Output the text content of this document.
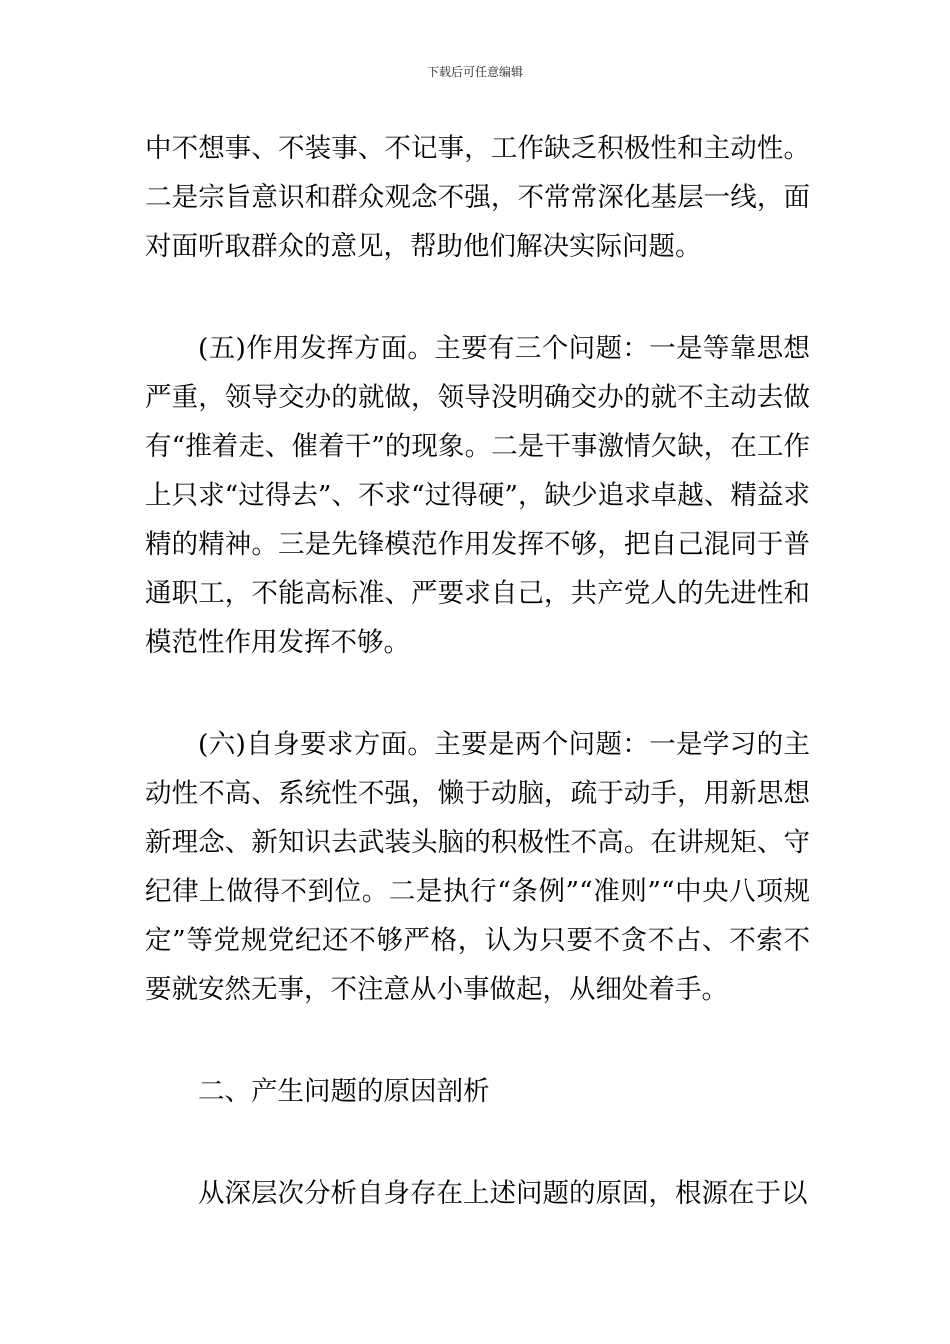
下载后可任意编辑

中不想事、不装事、不记事，工作缺乏积极性和主动性。二是宗旨意识和群众观念不强，不常常深化基层一线，面对面听取群众的意见，帮助他们解决实际问题。

(五)作用发挥方面。主要有三个问题：一是等靠思想严重，领导交办的就做，领导没明确交办的就不主动去做有“推着走、催着干”的现象。二是干事激情欠缺，在工作上只求“过得去”、不求“过得硬”，缺少追求卓越、精益求精的精神。三是先锋模范作用发挥不够，把自己混同于普通职工，不能高标准、严要求自己，共产党人的先进性和模范性作用发挥不够。

(六)自身要求方面。主要是两个问题：一是学习的主动性不高、系统性不强，懒于动脑，疏于动手，用新思想新理念、新知识去武装头脑的积极性不高。在讲规矩、守纪律上做得不到位。二是执行“条例”“准则”“中央八项规定”等党规党纪还不够严格，认为只要不贪不占、不索不要就安然无事，不注意从小事做起，从细处着手。

二、产生问题的原因剖析

从深层次分析自身存在上述问题的原固，根源在于以
